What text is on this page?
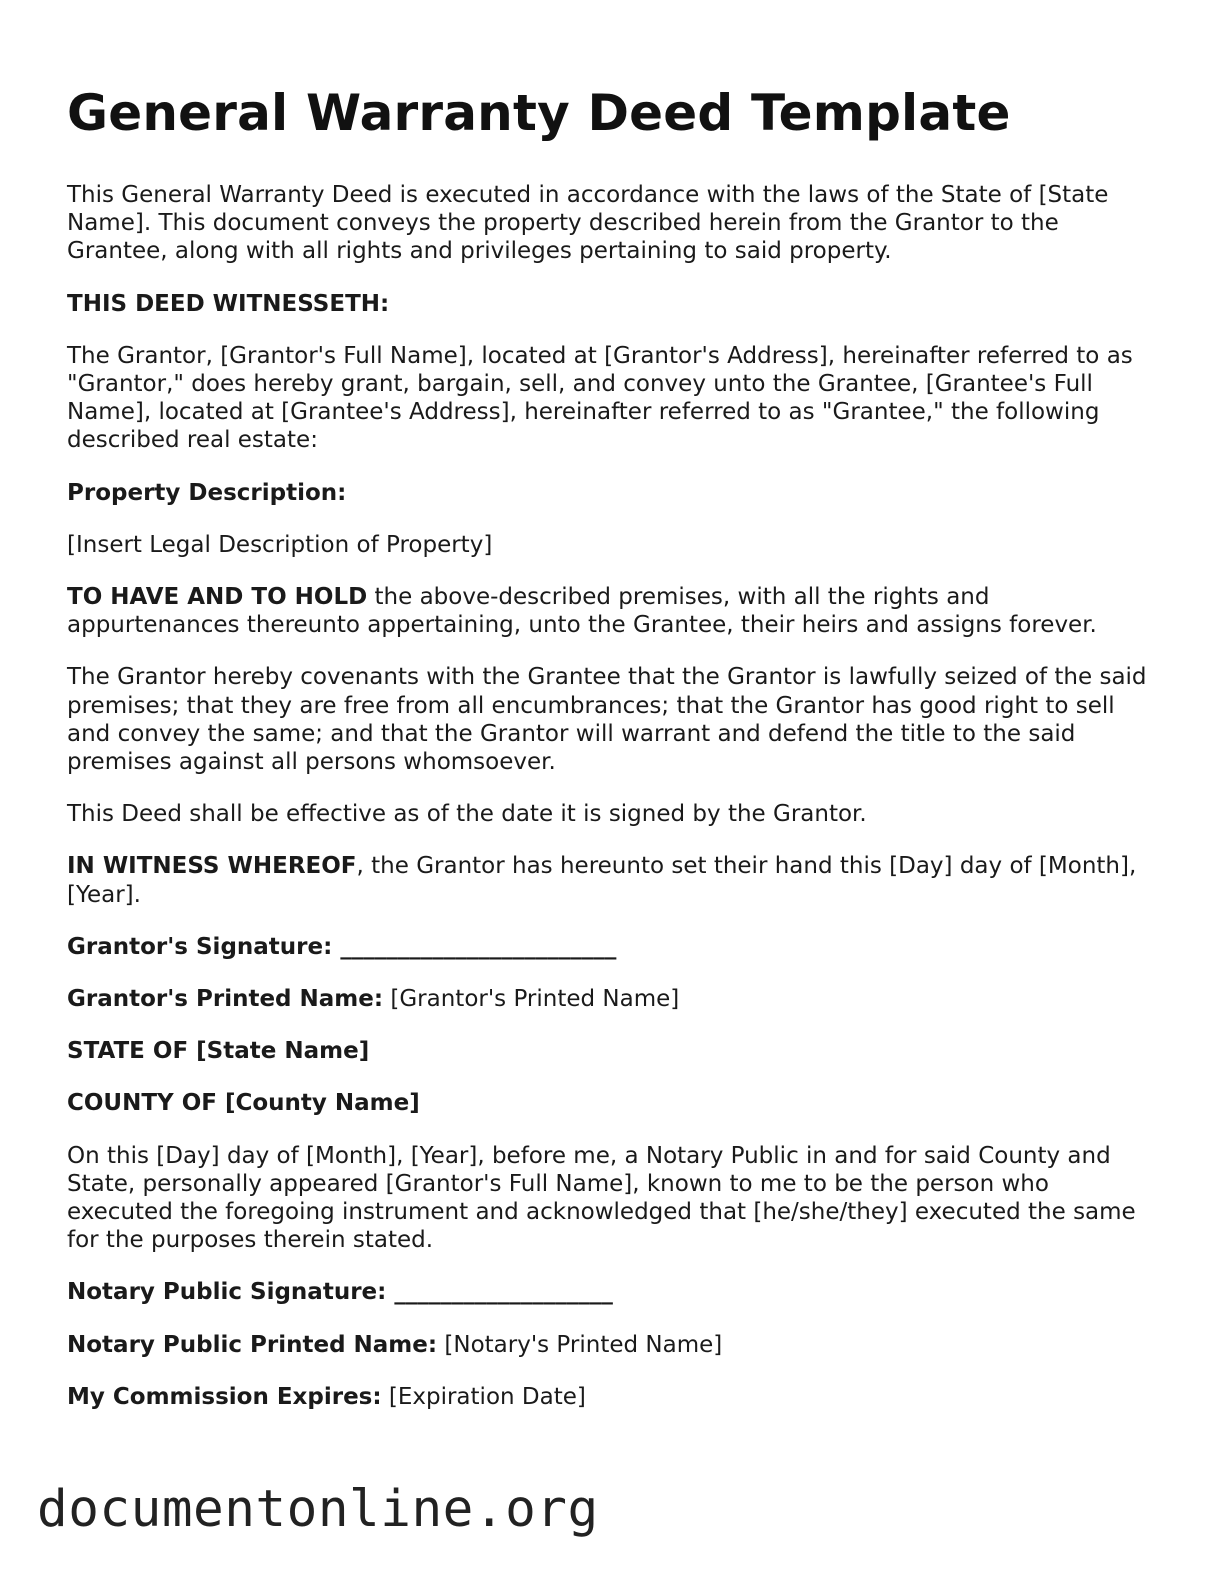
General Warranty Deed Template

This General Warranty Deed is executed in accordance with the laws of the State of [State Name]. This document conveys the property described herein from the Grantor to the Grantee, along with all rights and privileges pertaining to said property.

THIS DEED WITNESSETH:

The Grantor, [Grantor's Full Name], located at [Grantor's Address], hereinafter referred to as "Grantor," does hereby grant, bargain, sell, and convey unto the Grantee, [Grantee's Full Name], located at [Grantee's Address], hereinafter referred to as "Grantee," the following described real estate:

Property Description:

[Insert Legal Description of Property]

TO HAVE AND TO HOLD the above-described premises, with all the rights and appurtenances thereunto appertaining, unto the Grantee, their heirs and assigns forever.

The Grantor hereby covenants with the Grantee that the Grantor is lawfully seized of the said premises; that they are free from all encumbrances; that the Grantor has good right to sell and convey the same; and that the Grantor will warrant and defend the title to the said premises against all persons whomsoever.

This Deed shall be effective as of the date it is signed by the Grantor.

IN WITNESS WHEREOF, the Grantor has hereunto set their hand this [Day] day of [Month], [Year].

Grantor's Signature: ________________________

Grantor's Printed Name: [Grantor's Printed Name]

STATE OF [State Name]

COUNTY OF [County Name]

On this [Day] day of [Month], [Year], before me, a Notary Public in and for said County and State, personally appeared [Grantor's Full Name], known to me to be the person who executed the foregoing instrument and acknowledged that [he/she/they] executed the same for the purposes therein stated.

Notary Public Signature: ___________________

Notary Public Printed Name: [Notary's Printed Name]

My Commission Expires: [Expiration Date]

documentonline.org
